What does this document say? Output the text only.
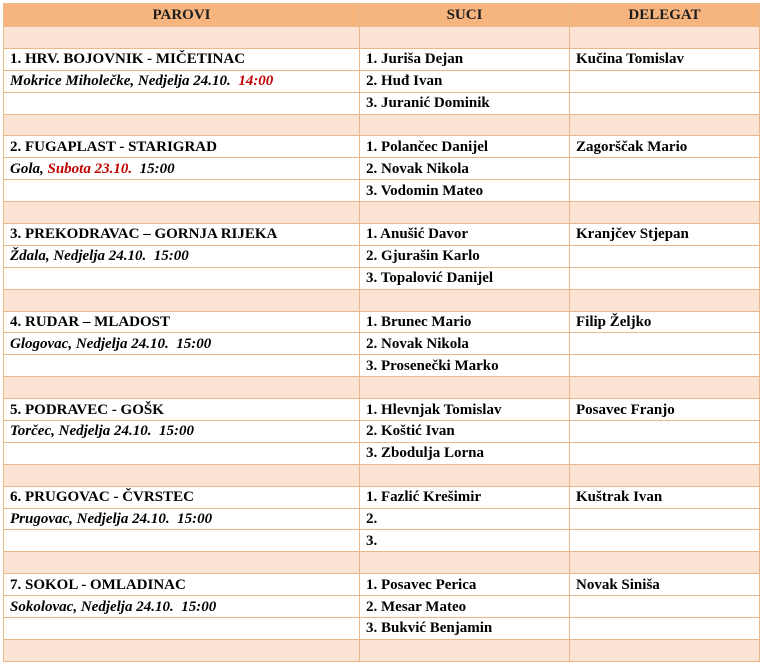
PAROVI	SUCI	DELEGAT

1. HRV. BOJOVNIK - MIČETINAC	1. Juriša Dejan	Kučina Tomislav
Mokrice Miholečke, Nedjelja 24.10. 14:00	2. Huđ Ivan	
	3. Juranić Dominik	

2. FUGAPLAST - STARIGRAD	1. Polančec Danijel	Zagorščak Mario
Gola, Subota 23.10. 15:00	2. Novak Nikola	
	3. Vodomin Mateo	

3. PREKODRAVAC – GORNJA RIJEKA	1. Anušić Davor	Kranjčev Stjepan
Ždala, Nedjelja 24.10. 15:00	2. Gjurašin Karlo	
	3. Topalović Danijel	

4. RUDAR – MLADOST	1. Brunec Mario	Filip Željko
Glogovac, Nedjelja 24.10. 15:00	2. Novak Nikola	
	3. Prosenečki Marko	

5. PODRAVEC - GOŠK	1. Hlevnjak Tomislav	Posavec Franjo
Torčec, Nedjelja 24.10. 15:00	2. Koštić Ivan	
	3. Zbodulja Lorna	

6. PRUGOVAC - ČVRSTEC	1. Fazlić Krešimir	Kuštrak Ivan
Prugovac, Nedjelja 24.10. 15:00	2.	
	3.	

7. SOKOL - OMLADINAC	1. Posavec Perica	Novak Siniša
Sokolovac, Nedjelja 24.10. 15:00	2. Mesar Mateo	
	3. Bukvić Benjamin	
